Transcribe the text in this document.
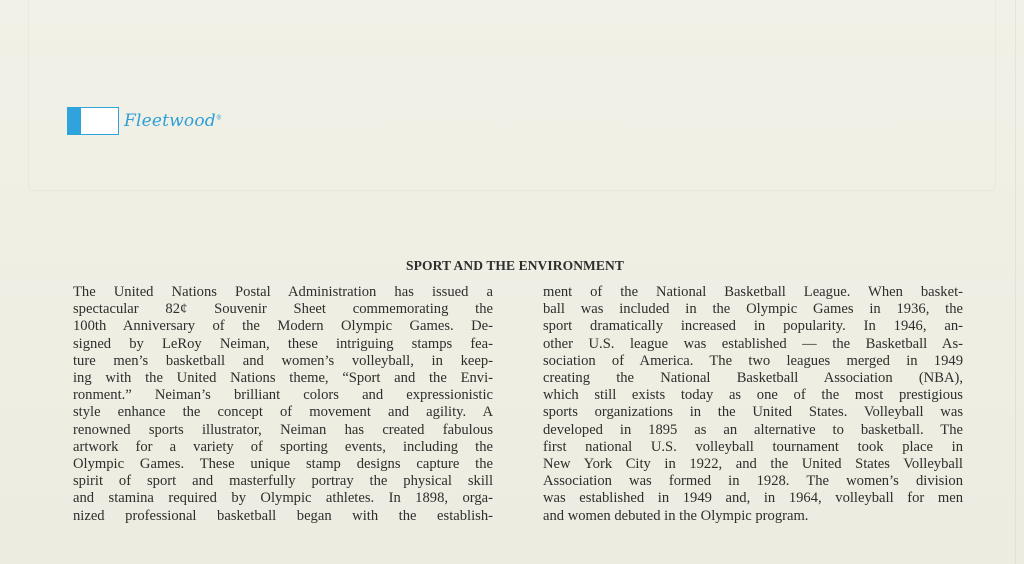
Fleetwood®
SPORT AND THE ENVIRONMENT
The United Nations Postal Administration has issued a
spectacular 82¢ Souvenir Sheet commemorating the
100th Anniversary of the Modern Olympic Games. De-
signed by LeRoy Neiman, these intriguing stamps fea-
ture men’s basketball and women’s volleyball, in keep-
ing with the United Nations theme, “Sport and the Envi-
ronment.” Neiman’s brilliant colors and expressionistic
style enhance the concept of movement and agility. A
renowned sports illustrator, Neiman has created fabulous
artwork for a variety of sporting events, including the
Olympic Games. These unique stamp designs capture the
spirit of sport and masterfully portray the physical skill
and stamina required by Olympic athletes. In 1898, orga-
nized professional basketball began with the establish-
ment of the National Basketball League. When basket-
ball was included in the Olympic Games in 1936, the
sport dramatically increased in popularity. In 1946, an-
other U.S. league was established — the Basketball As-
sociation of America. The two leagues merged in 1949
creating the National Basketball Association (NBA),
which still exists today as one of the most prestigious
sports organizations in the United States. Volleyball was
developed in 1895 as an alternative to basketball. The
first national U.S. volleyball tournament took place in
New York City in 1922, and the United States Volleyball
Association was formed in 1928. The women’s division
was established in 1949 and, in 1964, volleyball for men
and women debuted in the Olympic program.
